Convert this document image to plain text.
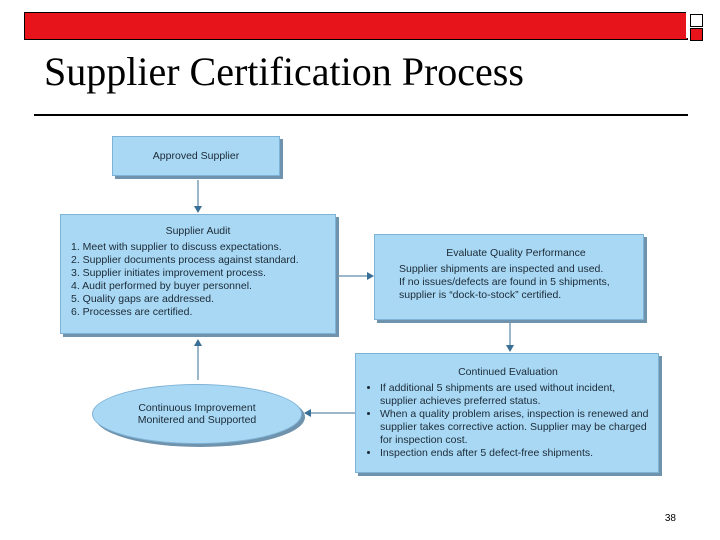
Supplier Certification Process
Approved Supplier
Supplier Audit
1. Meet with supplier to discuss expectations.
2. Supplier documents process against standard.
3. Supplier initiates improvement process.
4. Audit performed by buyer personnel.
5. Quality gaps are addressed.
6. Processes are certified.
Evaluate Quality Performance
Supplier shipments are inspected and used.
If no issues/defects are found in 5 shipments,
supplier is “dock-to-stock” certified.
Continued Evaluation
• If additional 5 shipments are used without incident, supplier achieves preferred status.
• When a quality problem arises, inspection is renewed and supplier takes corrective action. Supplier may be charged for inspection cost.
• Inspection ends after 5 defect-free shipments.
Continuous Improvement
Monitered and Supported
38
